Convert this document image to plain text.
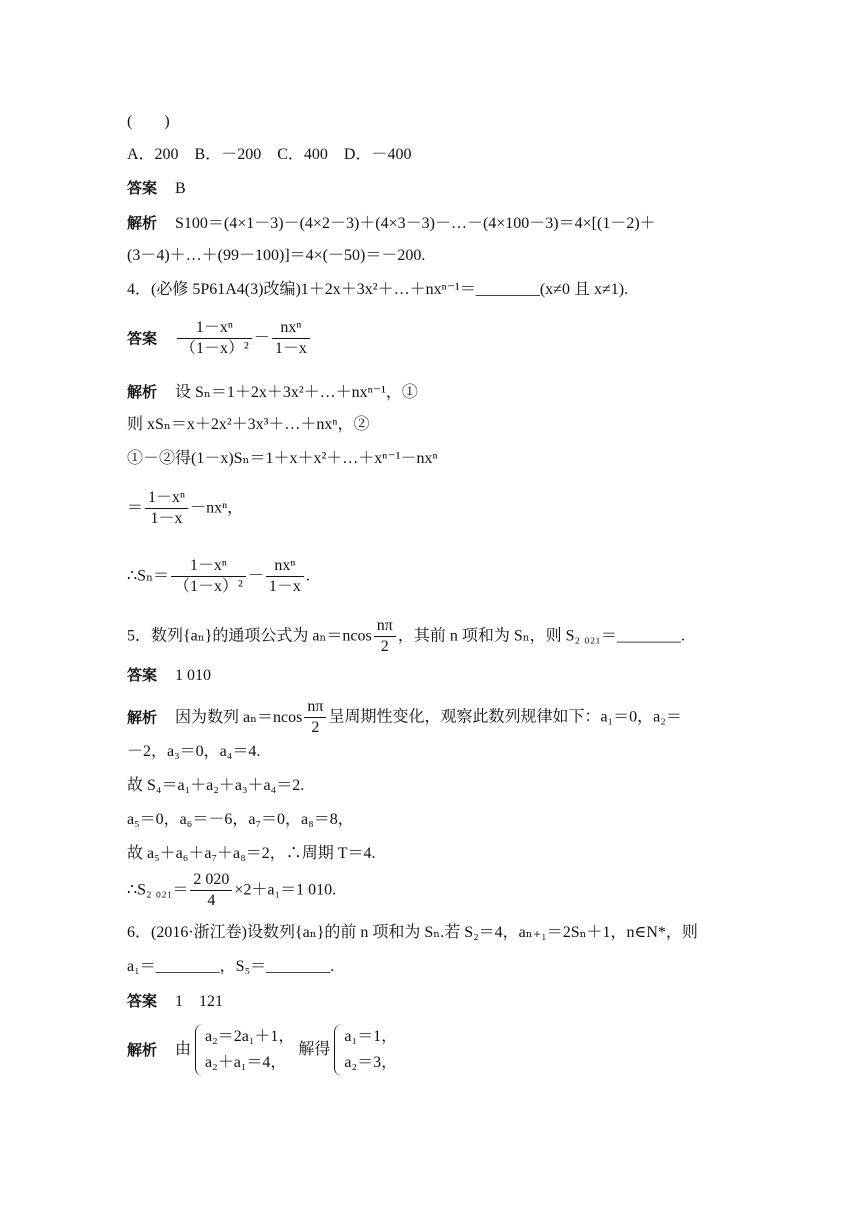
(　　)
A．200　B．－200　C．400　D．－400
答案 B
解析 S100＝(4×1－3)－(4×2－3)＋(4×3－3)－…－(4×100－3)＝4×[(1－2)＋
(3－4)＋…＋(99－100)]＝4×(－50)＝－200.
4．(必修 5P61A4(3)改编)1＋2x＋3x²＋…＋nxⁿ⁻¹＝________(x≠0 且 x≠1).
答案 $\frac{\text{1－xⁿ}}{\text{（1－x）²}} - \frac{\text{nxⁿ}}{1-x}$
解析 设 Sₙ＝1＋2x＋3x²＋…＋nxⁿ⁻¹，①
则 xSₙ＝x＋2x²＋3x³＋…＋nxⁿ，②
①－②得(1－x)Sₙ＝1＋x＋x²＋…＋xⁿ⁻¹－nxⁿ
＝ $\frac{\text{1－xⁿ}}{1-x} -nx^n$，
∴Sₙ＝ $\frac{\text{1－xⁿ}}{\text{（1－x）²}} - \frac{\text{nxⁿ}}{1-x}$ .
5．数列{aₙ}的通项公式为 $a_n=ncos \frac{n\pi}{2}$ ，其前 n 项和为 Sₙ，则 S₂ ₀₂₁＝________.
答案 1 010
解析 因为数列 $a_n=ncos \frac{n\pi}{2}$ 呈周期性变化，观察此数列规律如下：a₁＝0，a₂＝
－2，a₃＝0，a₄＝4.
故 S₄＝a₁＋a₂＋a₃＋a₄＝2.
a₅＝0，a₆＝－6，a₇＝0，a₈＝8，
故 a₅＋a₆＋a₇＋a₈＝2，∴周期 T＝4.
∴S₂ $_{021}= \frac{2 020}{4} \times 2+a_1=1$ 010.
6．(2016·浙江卷)设数列{aₙ}的前 n 项和为 Sₙ.若 S₂＝4，aₙ₊₁＝2Sₙ＋1，n∈N*，则
a₁＝________，S₅＝________.
答案 1　121
解析 由
a₂＝2a₁＋1，
a₂＋a₁＝4，
解得
a₁＝1，
a₂＝3，
